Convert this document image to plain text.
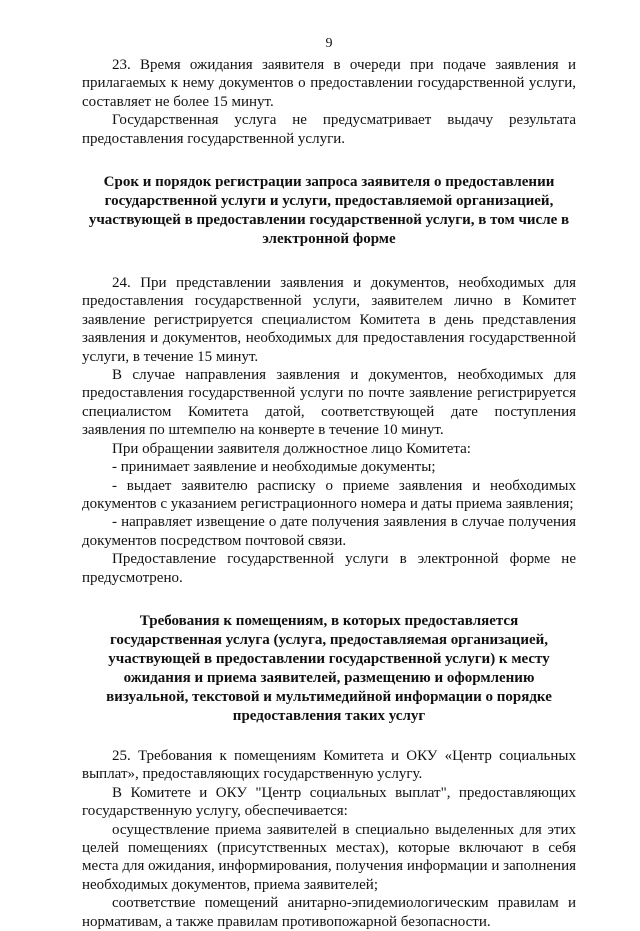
9

23. Время ожидания заявителя в очереди при подаче заявления и прилагаемых к нему документов о предоставлении государственной услуги, составляет не более 15 минут.

Государственная услуга не предусматривает выдачу результата предоставления государственной услуги.

Срок и порядок регистрации запроса заявителя о предоставлении государственной услуги и услуги, предоставляемой организацией, участвующей в предоставлении государственной услуги, в том числе в электронной форме

24. При представлении заявления и документов, необходимых для предоставления государственной услуги, заявителем лично в Комитет заявление регистрируется специалистом Комитета в день представления заявления и документов, необходимых для предоставления государственной услуги, в течение 15 минут.

В случае направления заявления и документов, необходимых для предоставления государственной услуги по почте заявление регистрируется специалистом Комитета датой, соответствующей дате поступления заявления по штемпелю на конверте в течение 10 минут.

При обращении заявителя должностное лицо Комитета:

- принимает заявление и необходимые документы;

- выдает заявителю расписку о приеме заявления и необходимых документов с указанием регистрационного номера и даты приема заявления;

- направляет извещение о дате получения заявления в случае получения документов посредством почтовой связи.

Предоставление государственной услуги в электронной форме не предусмотрено.

Требования к помещениям, в которых предоставляется государственная услуга (услуга, предоставляемая организацией, участвующей в предоставлении государственной услуги) к месту ожидания и приема заявителей, размещению и оформлению визуальной, текстовой и мультимедийной информации о порядке предоставления таких услуг

25. Требования к помещениям Комитета и ОКУ «Центр социальных выплат», предоставляющих государственную услугу.

В Комитете и ОКУ "Центр социальных выплат", предоставляющих государственную услугу, обеспечивается:

осуществление приема заявителей в специально выделенных для этих целей помещениях (присутственных местах), которые включают в себя места для ожидания, информирования, получения информации и заполнения необходимых документов, приема заявителей;

соответствие помещений анитарно-эпидемиологическим правилам и нормативам, а также правилам противопожарной безопасности.
